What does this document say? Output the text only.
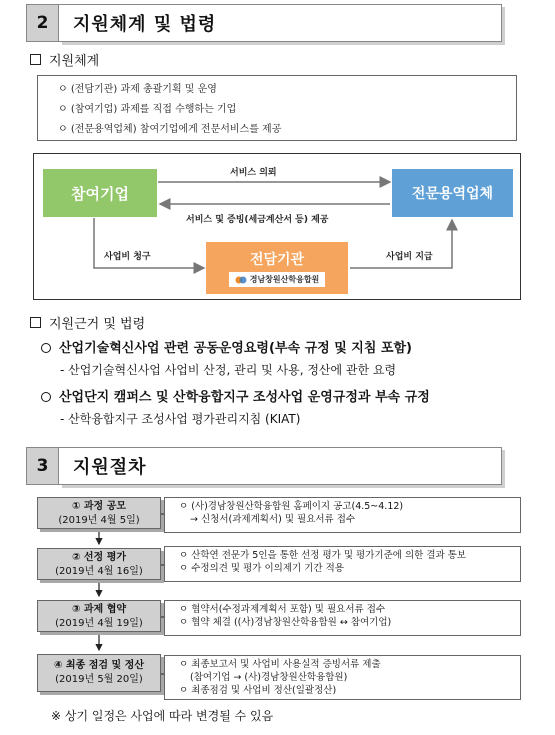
2	지원체계 및 법령
지원체계
ㅇ (전담기관) 과제 총괄기획 및 운영
ㅇ (참여기업) 과제를 직접 수행하는 기업
ㅇ (전문용역업체) 참여기업에게 전문서비스를 제공
참여기업	전문용역업체
전담기관
경남창원산학융합원
서비스 의뢰
서비스 및 증빙(세금계산서 등) 제공
사업비 청구	사업비 지급
지원근거 및 법령
산업기술혁신사업 관련 공동운영요령(부속 규정 및 지침 포함)
- 산업기술혁신사업 사업비 산정, 관리 및 사용, 정산에 관한 요령
산업단지 캠퍼스 및 산학융합지구 조성사업 운영규정과 부속 규정
- 산학융합지구 조성사업 평가관리지침 (KIAT)
3	지원절차
① 과정 공모
(2019년 4월 5일)
ㅇ (사)경남창원산학융합원 홈페이지 공고(4.5~4.12)
→ 신청서(과제계획서) 및 필요서류 접수
② 선정 평가
(2019년 4월 16일)
ㅇ 산학연 전문가 5인을 통한 선정 평가 및 평가기준에 의한 결과 통보
ㅇ 수정의견 및 평가 이의제기 기간 적용
③ 과제 협약
(2019년 4월 19일)
ㅇ 협약서(수정과제계획서 포함) 및 필요서류 접수
ㅇ 협약 체결 ((사)경남창원산학융합원 ↔ 참여기업)
④ 최종 점검 및 정산
(2019년 5월 20일)
ㅇ 최종보고서 및 사업비 사용실적 증빙서류 제출
(참여기업 → (사)경남창원산학융합원)
ㅇ 최종점검 및 사업비 정산(일괄정산)
※ 상기 일정은 사업에 따라 변경될 수 있음
